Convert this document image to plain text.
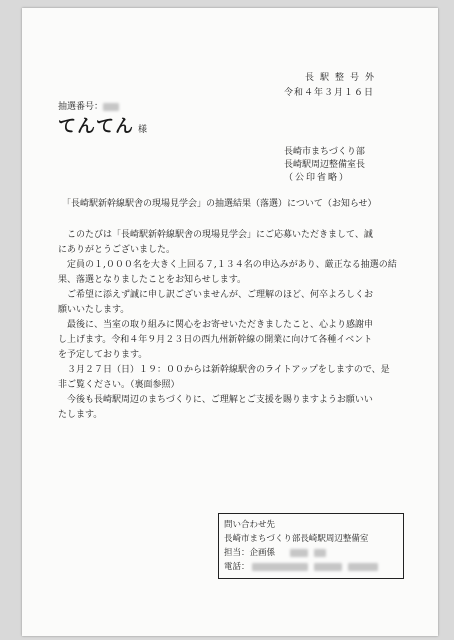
長駅整号外
令和４年３月１６日
抽選番号：
てんてん 様
長崎市まちづくり部
長崎駅周辺整備室長
（公印省略）
「長崎駅新幹線駅舎の現場見学会」の抽選結果（落選）について（お知らせ）

このたびは「長崎駅新幹線駅舎の現場見学会」にご応募いただきまして、誠
にありがとうございました。

定員の１,０００名を大きく上回る７,１３４名の申込みがあり、厳正なる抽選の結
果、落選となりましたことをお知らせします。

ご希望に添えず誠に申し訳ございませんが、ご理解のほど、何卒よろしくお
願いいたします。

最後に、当室の取り組みに関心をお寄せいただきましたこと、心より感謝申
し上げます。令和４年９月２３日の西九州新幹線の開業に向けて各種イベント
を予定しております。

３月２７日（日）１９：００からは新幹線駅舎のライトアップをしますので、是
非ご覧ください。（裏面参照）

今後も長崎駅周辺のまちづくりに、ご理解とご支援を賜りますようお願いい
たします。

問い合わせ先
長崎市まちづくり部長崎駅周辺整備室
担当：企画係
電話：
